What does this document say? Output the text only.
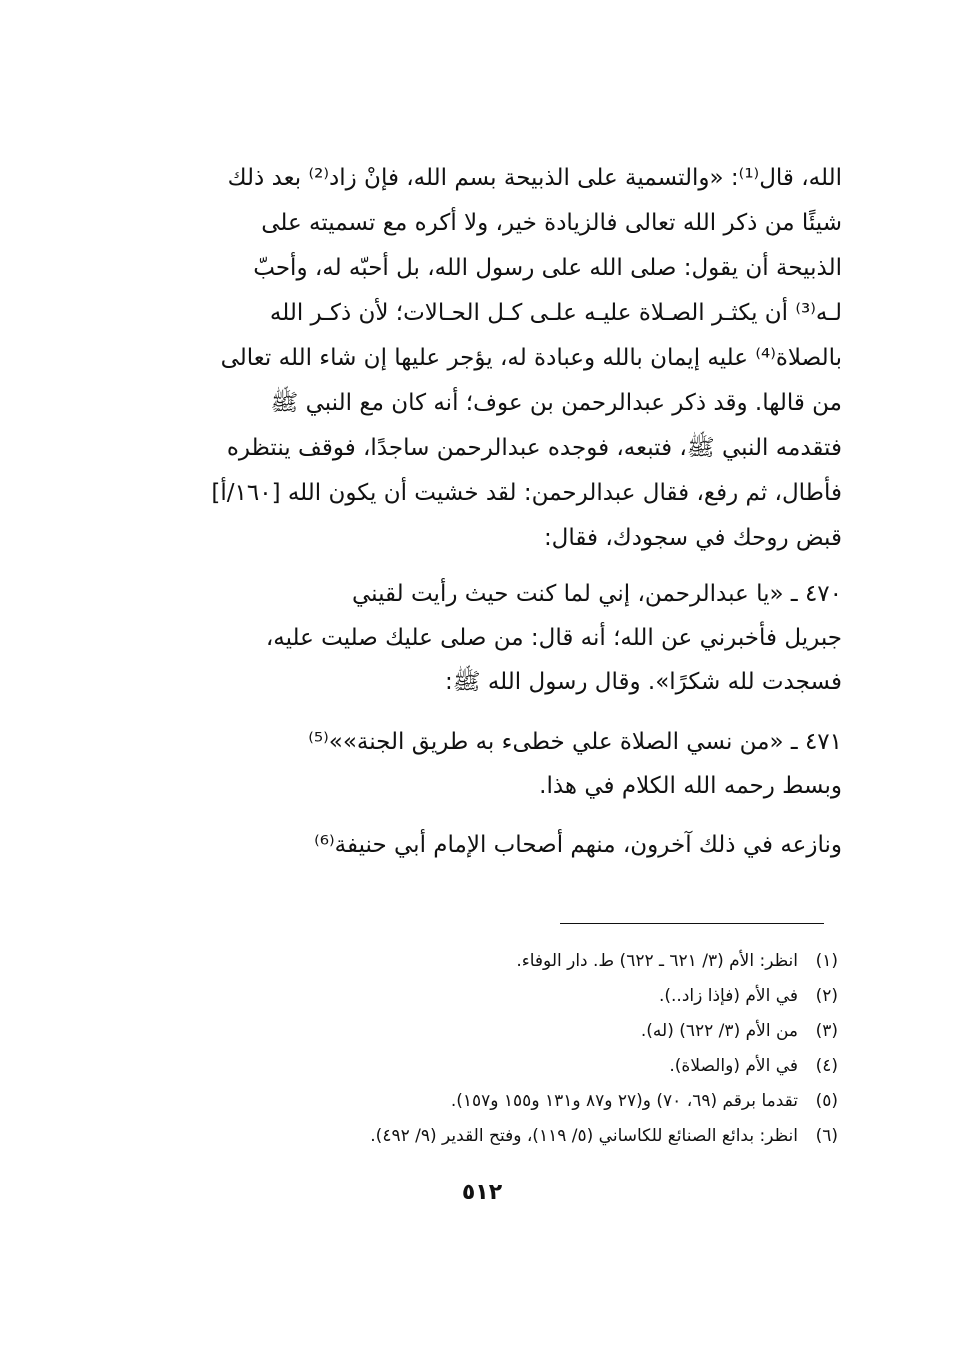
الله، قال⁽¹⁾: «والتسمية على الذبيحة بسم الله، فإنْ زاد⁽²⁾ بعد ذلك
شيئًا من ذكر الله تعالى فالزيادة خير، ولا أكره مع تسميته على
الذبيحة أن يقول: صلى الله على رسول الله، بل أحبّه له، وأحبّ
لـه⁽³⁾ أن يكثـر الصـلاة عليـه علـى كـل الحـالات؛ لأن ذكـر الله
بالصلاة⁽⁴⁾ عليه إيمان بالله وعبادة له، يؤجر عليها إن شاء الله تعالى
من قالها. وقد ذكر عبدالرحمن بن عوف؛ أنه كان مع النبي ﷺ
فتقدمه النبي ﷺ، فتبعه، فوجده عبدالرحمن ساجدًا، فوقف ينتظره
فأطال، ثم رفع، فقال عبدالرحمن: لقد خشيت أن يكون الله [١٦٠/أ]
قبض روحك في سجودك، فقال:
٤٧٠ ـ «يا عبدالرحمن، إني لما كنت حيث رأيت لقيني
جبريل فأخبرني عن الله؛ أنه قال: من صلى عليك صليت عليه،
فسجدت لله شكرًا». وقال رسول الله ﷺ:
٤٧١ ـ «من نسي الصلاة علي خطىء به طريق الجنة»»⁽⁵⁾
وبسط رحمه الله الكلام في هذا.
ونازعه في ذلك آخرون، منهم أصحاب الإمام أبي حنيفة⁽⁶⁾
(١)
انظر: الأم (٣/ ٦٢١ ـ ٦٢٢) ط. دار الوفاء.
(٢)
في الأم (فإذا زاد..).
(٣)
من الأم (٣/ ٦٢٢) (له).
(٤)
في الأم (والصلاة).
(٥)
تقدما برقم (٦٩، ٧٠) و(٢٧ و٨٧ و١٣١ و١٥٥ و١٥٧).
(٦)
انظر: بدائع الصنائع للكاساني (٥/ ١١٩)، وفتح القدير (٩/ ٤٩٢).
٥١٢
